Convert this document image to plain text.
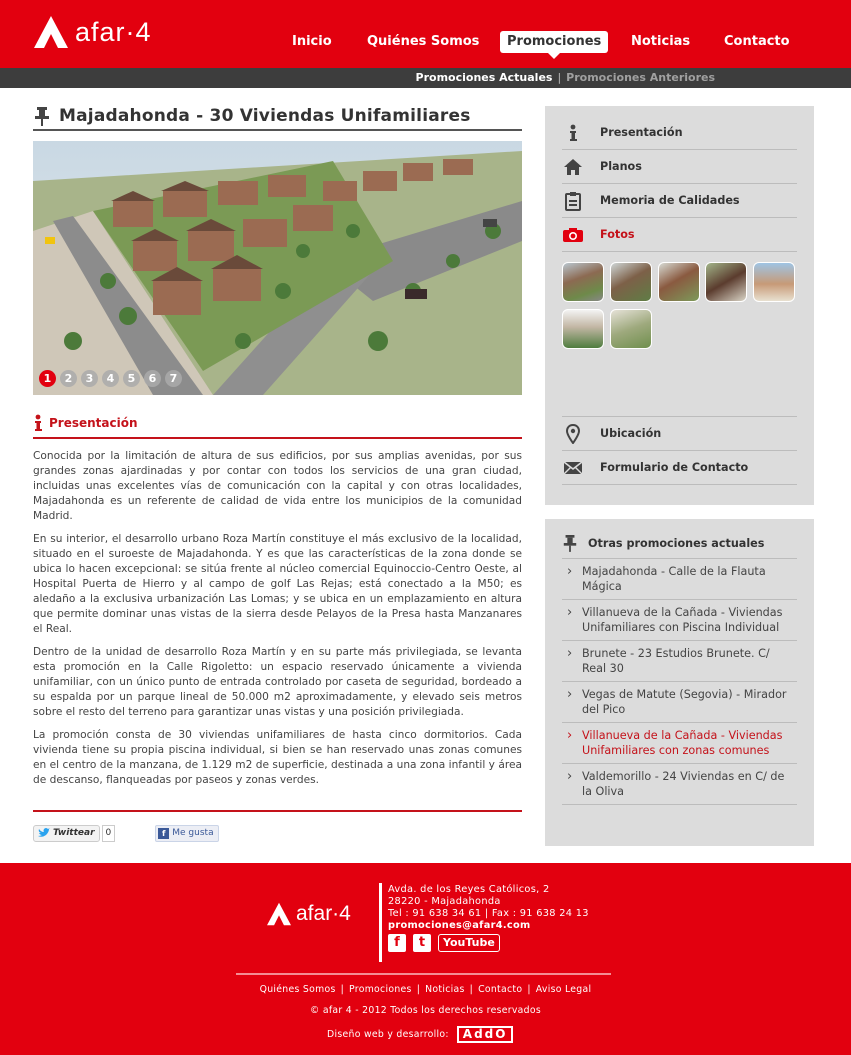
afar·4	Inicio	Quiénes Somos	Promociones	Noticias	Contacto
Promociones Actuales | Promociones Anteriores
Majadahonda - 30 Viviendas Unifamiliares
1	2	3	4	5	6	7
Presentación

Conocida por la limitación de altura de sus edificios, por sus amplias avenidas, por sus grandes zonas ajardinadas y por contar con todos los servicios de una gran ciudad, incluidas unas excelentes vías de comunicación con la capital y con otras localidades, Majadahonda es un referente de calidad de vida entre los municipios de la comunidad Madrid.

En su interior, el desarrollo urbano Roza Martín constituye el más exclusivo de la localidad, situado en el suroeste de Majadahonda. Y es que las características de la zona donde se ubica lo hacen excepcional: se sitúa frente al núcleo comercial Equinoccio-Centro Oeste, al Hospital Puerta de Hierro y al campo de golf Las Rejas; está conectado a la M50; es aledaño a la exclusiva urbanización Las Lomas; y se ubica en un emplazamiento en altura que permite dominar unas vistas de la sierra desde Pelayos de la Presa hasta Manzanares el Real.

Dentro de la unidad de desarrollo Roza Martín y en su parte más privilegiada, se levanta esta promoción en la Calle Rigoletto: un espacio reservado únicamente a vivienda unifamiliar, con un único punto de entrada controlado por caseta de seguridad, bordeado a su espalda por un parque lineal de 50.000 m2 aproximadamente, y elevado seis metros sobre el resto del terreno para garantizar unas vistas y una posición privilegiada.

La promoción consta de 30 viviendas unifamiliares de hasta cinco dormitorios. Cada vivienda tiene su propia piscina individual, si bien se han reservado unas zonas comunes en el centro de la manzana, de 1.129 m2 de superficie, destinada a una zona infantil y área de descanso, flanqueadas por paseos y zonas verdes.

Twittear	0	f Me gusta
Presentación
Planos
Memoria de Calidades
Fotos
Ubicación
Formulario de Contacto
Otras promociones actuales
› Majadahonda - Calle de la Flauta Mágica
› Villanueva de la Cañada - Viviendas Unifamiliares con Piscina Individual
› Brunete - 23 Estudios Brunete. C/ Real 30
› Vegas de Matute (Segovia) - Mirador del Pico
› Villanueva de la Cañada - Viviendas Unifamiliares con zonas comunes
› Valdemorillo - 24 Viviendas en C/ de la Oliva
afar·4
Avda. de los Reyes Católicos, 2
28220 - Majadahonda
Tel : 91 638 34 61 | Fax : 91 638 24 13
promociones@afar4.com
f	t	YouTube
Quiénes Somos | Promociones | Noticias | Contacto | Aviso Legal
© afar 4 - 2012 Todos los derechos reservados
Diseño web y desarrollo:	AddO
